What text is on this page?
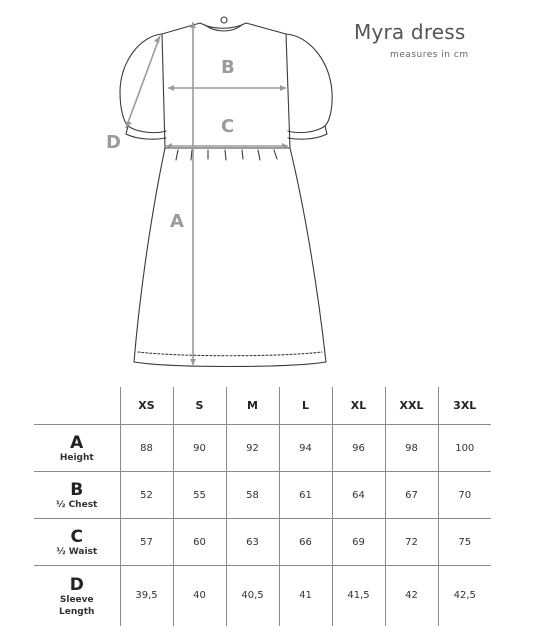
Myra dress
measures in cm
B
C
A
D
	XS	S	M	L	XL	XXL	3XL

A
Height	88	90	92	94	96	98	100

B
½ Chest	52	55	58	61	64	67	70

C
½ Waist	57	60	63	66	69	72	75

D
Sleeve Length	39,5	40	40,5	41	41,5	42	42,5
